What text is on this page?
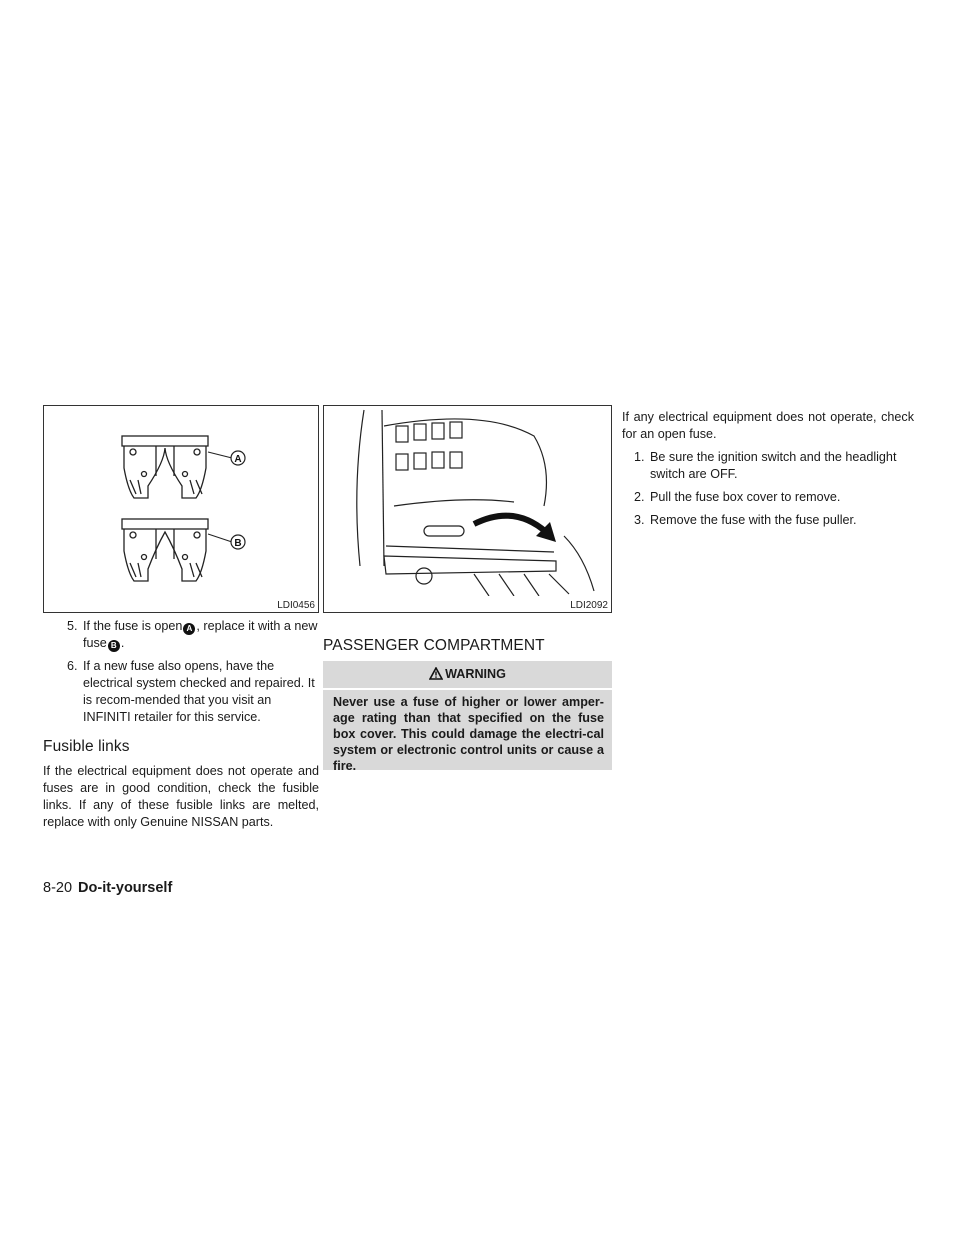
A
B
LDI0456	LDI2092

5. If the fuse is open A , replace it with a new fuse B .

6. If a new fuse also opens, have the electrical system checked and repaired. It is recom-mended that you visit an INFINITI retailer for this service.

Fusible links

If the electrical equipment does not operate and fuses are in good condition, check the fusible links. If any of these fusible links are melted, replace with only Genuine NISSAN parts.

PASSENGER COMPARTMENT
WARNING
Never use a fuse of higher or lower amper-age rating than that specified on the fuse box cover. This could damage the electri-cal system or electronic control units or cause a fire.

If any electrical equipment does not operate, check for an open fuse.

1. Be sure the ignition switch and the headlight switch are OFF.

2. Pull the fuse box cover to remove.

3. Remove the fuse with the fuse puller.

8-20 Do-it-yourself
